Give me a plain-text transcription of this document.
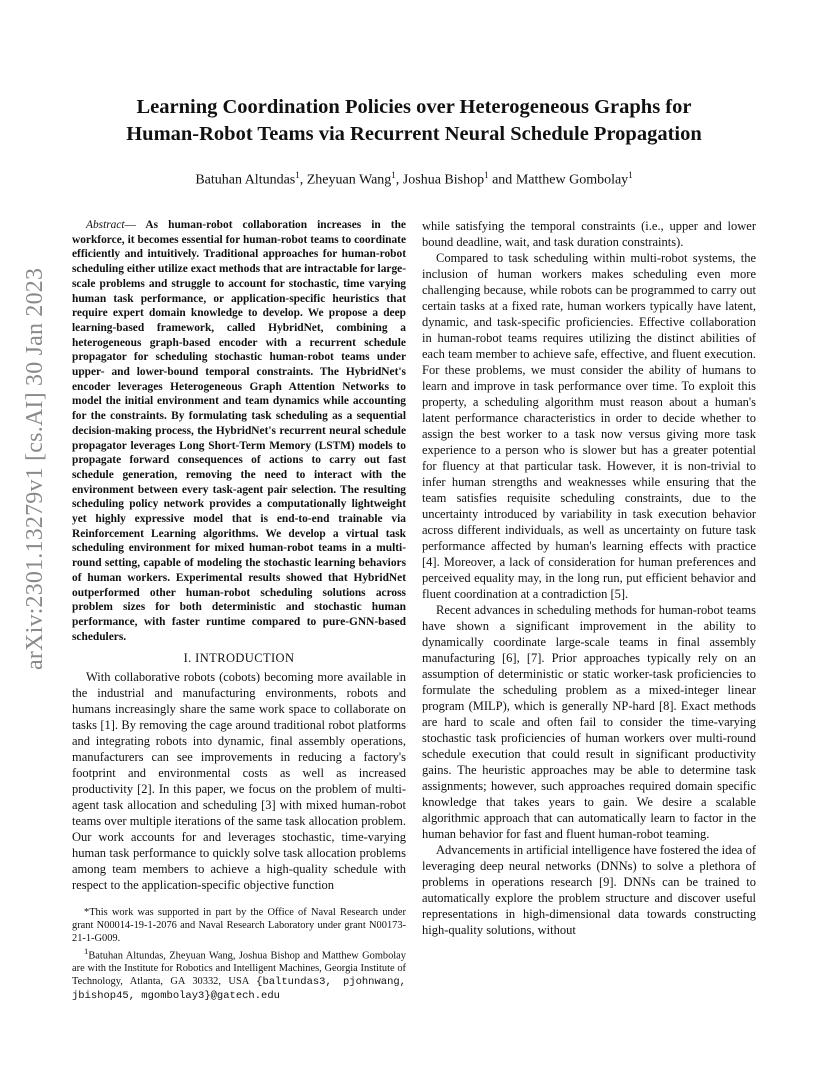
arXiv:2301.13279v1 [cs.AI] 30 Jan 2023
Learning Coordination Policies over Heterogeneous Graphs for
Human-Robot Teams via Recurrent Neural Schedule Propagation
Batuhan Altundas$^1$, Zheyuan Wang$^1$, Joshua Bishop$^1$ and Matthew Gombolay$^1$

Abstract— As human-robot collaboration increases in the workforce, it becomes essential for human-robot teams to coordinate efficiently and intuitively. Traditional approaches for human-robot scheduling either utilize exact methods that are intractable for large-scale problems and struggle to account for stochastic, time varying human task performance, or application-specific heuristics that require expert domain knowledge to develop. We propose a deep learning-based framework, called HybridNet, combining a heterogeneous graph-based encoder with a recurrent schedule propagator for scheduling stochastic human-robot teams under upper- and lower-bound temporal constraints. The HybridNet's encoder leverages Heterogeneous Graph Attention Networks to model the initial environment and team dynamics while accounting for the constraints. By formulating task scheduling as a sequential decision-making process, the HybridNet's recurrent neural schedule propagator leverages Long Short-Term Memory (LSTM) models to propagate forward consequences of actions to carry out fast schedule generation, removing the need to interact with the environment between every task-agent pair selection. The resulting scheduling policy network provides a computationally lightweight yet highly expressive model that is end-to-end trainable via Reinforcement Learning algorithms. We develop a virtual task scheduling environment for mixed human-robot teams in a multi-round setting, capable of modeling the stochastic learning behaviors of human workers. Experimental results showed that HybridNet outperformed other human-robot scheduling solutions across problem sizes for both deterministic and stochastic human performance, with faster runtime compared to pure-GNN-based schedulers.

I. INTRODUCTION

With collaborative robots (cobots) becoming more available in the industrial and manufacturing environments, robots and humans increasingly share the same work space to collaborate on tasks [1]. By removing the cage around traditional robot platforms and integrating robots into dynamic, final assembly operations, manufacturers can see improvements in reducing a factory's footprint and environmental costs as well as increased productivity [2]. In this paper, we focus on the problem of multi-agent task allocation and scheduling [3] with mixed human-robot teams over multiple iterations of the same task allocation problem. Our work accounts for and leverages stochastic, time-varying human task performance to quickly solve task allocation problems among team members to achieve a high-quality schedule with respect to the application-specific objective function

*This work was supported in part by the Office of Naval Research under grant N00014-19-1-2076 and Naval Research Laboratory under grant N00173-21-1-G009.

$^1$Batuhan Altundas, Zheyuan Wang, Joshua Bishop and Matthew Gombolay are with the Institute for Robotics and Intelligent Machines, Georgia Institute of Technology, Atlanta, GA 30332, USA {baltundas3, pjohnwang, jbishop45, mgombolay3}@gatech.edu

while satisfying the temporal constraints (i.e., upper and lower bound deadline, wait, and task duration constraints).

Compared to task scheduling within multi-robot systems, the inclusion of human workers makes scheduling even more challenging because, while robots can be programmed to carry out certain tasks at a fixed rate, human workers typically have latent, dynamic, and task-specific proficiencies. Effective collaboration in human-robot teams requires utilizing the distinct abilities of each team member to achieve safe, effective, and fluent execution. For these problems, we must consider the ability of humans to learn and improve in task performance over time. To exploit this property, a scheduling algorithm must reason about a human's latent performance characteristics in order to decide whether to assign the best worker to a task now versus giving more task experience to a person who is slower but has a greater potential for fluency at that particular task. However, it is non-trivial to infer human strengths and weaknesses while ensuring that the team satisfies requisite scheduling constraints, due to the uncertainty introduced by variability in task execution behavior across different individuals, as well as uncertainty on future task performance affected by human's learning effects with practice [4]. Moreover, a lack of consideration for human preferences and perceived equality may, in the long run, put efficient behavior and fluent coordination at a contradiction [5].

Recent advances in scheduling methods for human-robot teams have shown a significant improvement in the ability to dynamically coordinate large-scale teams in final assembly manufacturing [6], [7]. Prior approaches typically rely on an assumption of deterministic or static worker-task proficiencies to formulate the scheduling problem as a mixed-integer linear program (MILP), which is generally NP-hard [8]. Exact methods are hard to scale and often fail to consider the time-varying stochastic task proficiencies of human workers over multi-round schedule execution that could result in significant productivity gains. The heuristic approaches may be able to determine task assignments; however, such approaches required domain specific knowledge that takes years to gain. We desire a scalable algorithmic approach that can automatically learn to factor in the human behavior for fast and fluent human-robot teaming.

Advancements in artificial intelligence have fostered the idea of leveraging deep neural networks (DNNs) to solve a plethora of problems in operations research [9]. DNNs can be trained to automatically explore the problem structure and discover useful representations in high-dimensional data towards constructing high-quality solutions, without
